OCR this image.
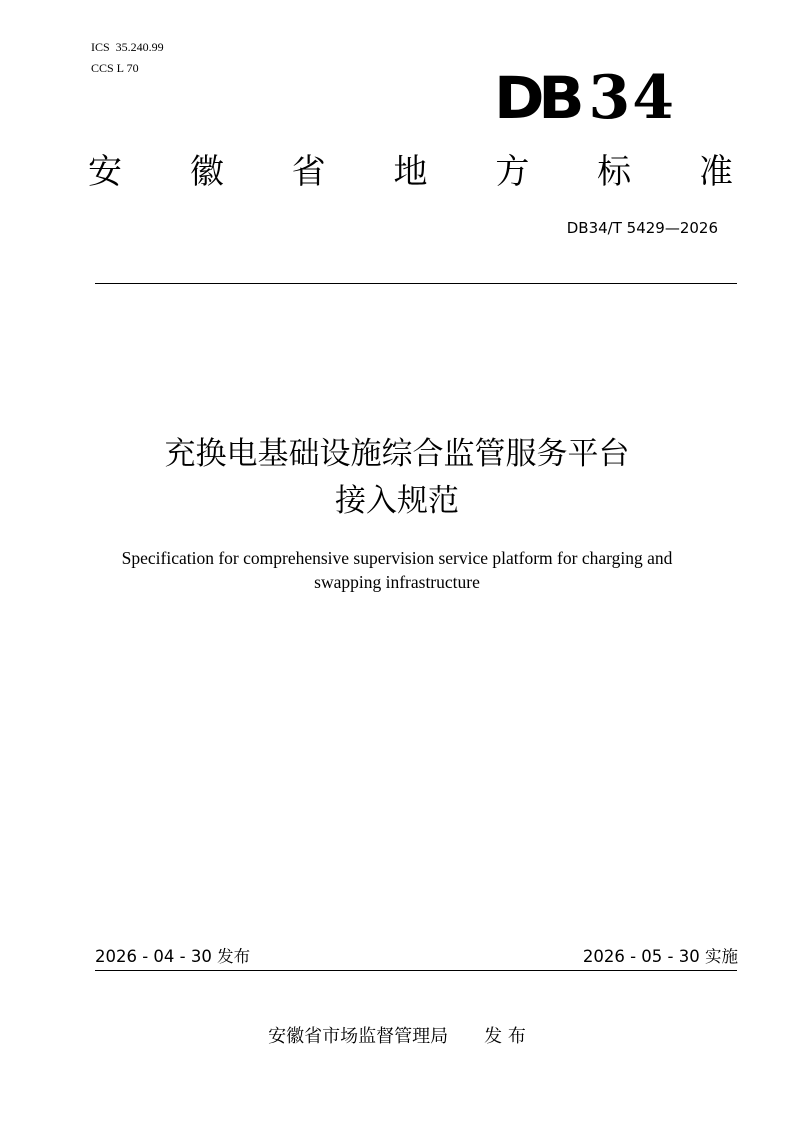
ICS  35.240.99
CCS L 70	DB 34
安 徽 省 地 方 标 准
DB34/T 5429—2026
充换电基础设施综合监管服务平台
接入规范
Specification for comprehensive supervision service platform for charging and swapping infrastructure
2026 - 04 - 30 发布	2026 - 05 - 30 实施
安徽省市场监督管理局 发 布
